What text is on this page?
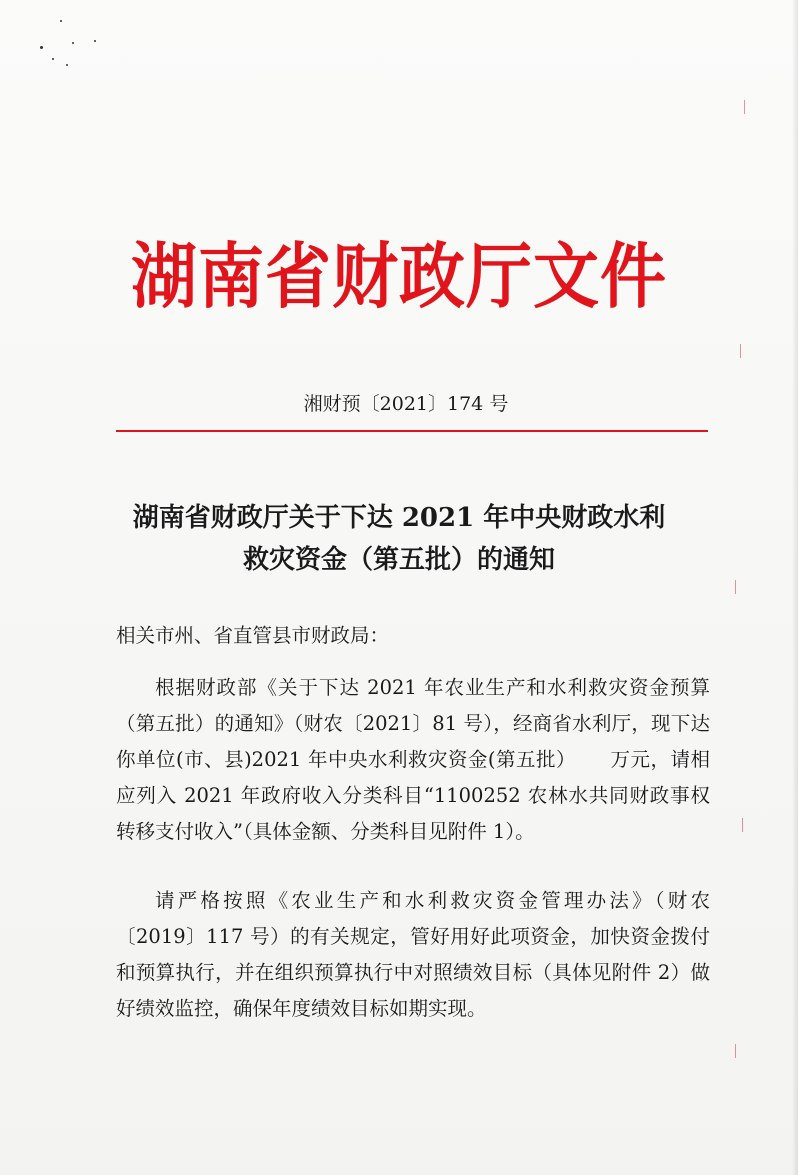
湖南省财政厅文件
湘财预〔2021〕174 号
湖南省财政厅关于下达 2021 年中央财政水利
救灾资金（第五批）的通知
相关市州、省直管县市财政局：
根据财政部《关于下达 2021 年农业生产和水利救灾资金预算（第五批）的通知》（财农〔2021〕81 号），经商省水利厅，现下达你单位(市、县)2021 年中央水利救灾资金(第五批） 万元，请相应列入 2021 年政府收入分类科目“1100252 农林水共同财政事权转移支付收入”（具体金额、分类科目见附件 1）。
请严格按照《农业生产和水利救灾资金管理办法》（财农〔2019〕117 号）的有关规定，管好用好此项资金，加快资金拨付和预算执行，并在组织预算执行中对照绩效目标（具体见附件 2）做好绩效监控，确保年度绩效目标如期实现。
